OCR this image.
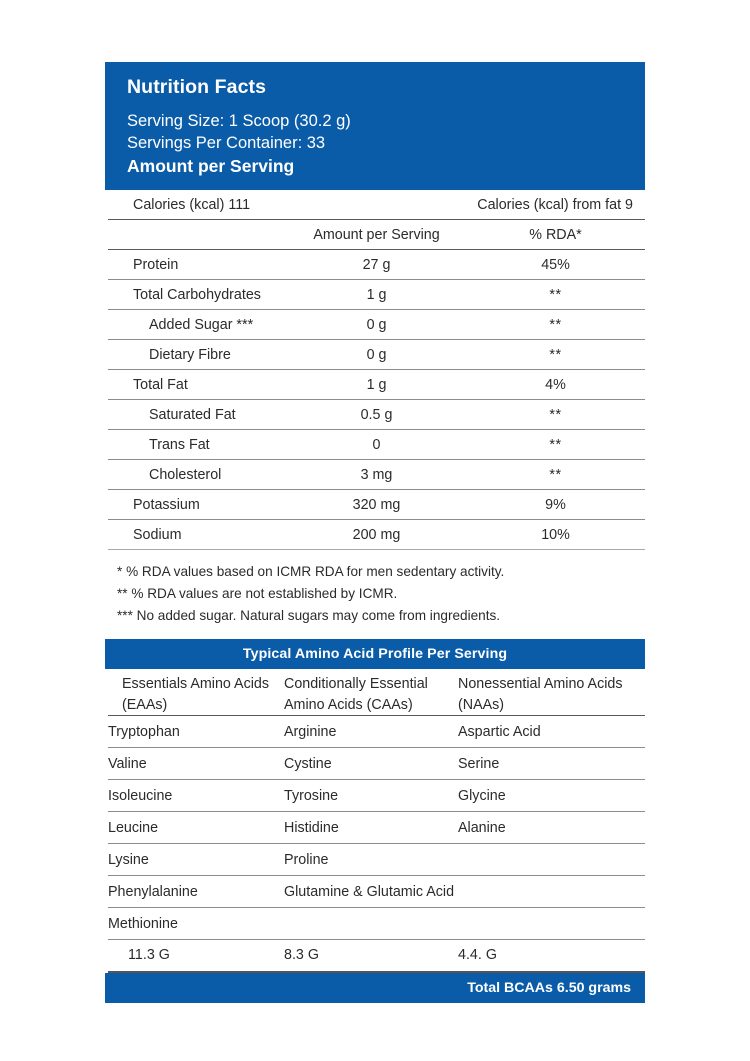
Nutrition Facts
Serving Size: 1 Scoop (30.2 g)
Servings Per Container: 33
Amount per Serving
Calories (kcal) 111		Calories (kcal) from fat 9
	Amount per Serving	% RDA*
Protein	27 g	45%
Total Carbohydrates	1 g	**
Added Sugar ***	0 g	**
Dietary Fibre	0 g	**
Total Fat	1 g	4%
Saturated Fat	0.5 g	**
Trans Fat	0	**
Cholesterol	3 mg	**
Potassium	320 mg	9%
Sodium	200 mg	10%
* % RDA values based on ICMR RDA for men sedentary activity.
** % RDA values are not established by ICMR.
*** No added sugar. Natural sugars may come from ingredients.
Typical Amino Acid Profile Per Serving
Essentials Amino Acids (EAAs)	Conditionally Essential Amino Acids (CAAs)	Nonessential Amino Acids (NAAs)
Tryptophan	Arginine	Aspartic Acid
Valine	Cystine	Serine
Isoleucine	Tyrosine	Glycine
Leucine	Histidine	Alanine
Lysine	Proline	
Phenylalanine	Glutamine & Glutamic Acid	
Methionine		
11.3 G	8.3 G	4.4. G
Total BCAAs 6.50 grams
